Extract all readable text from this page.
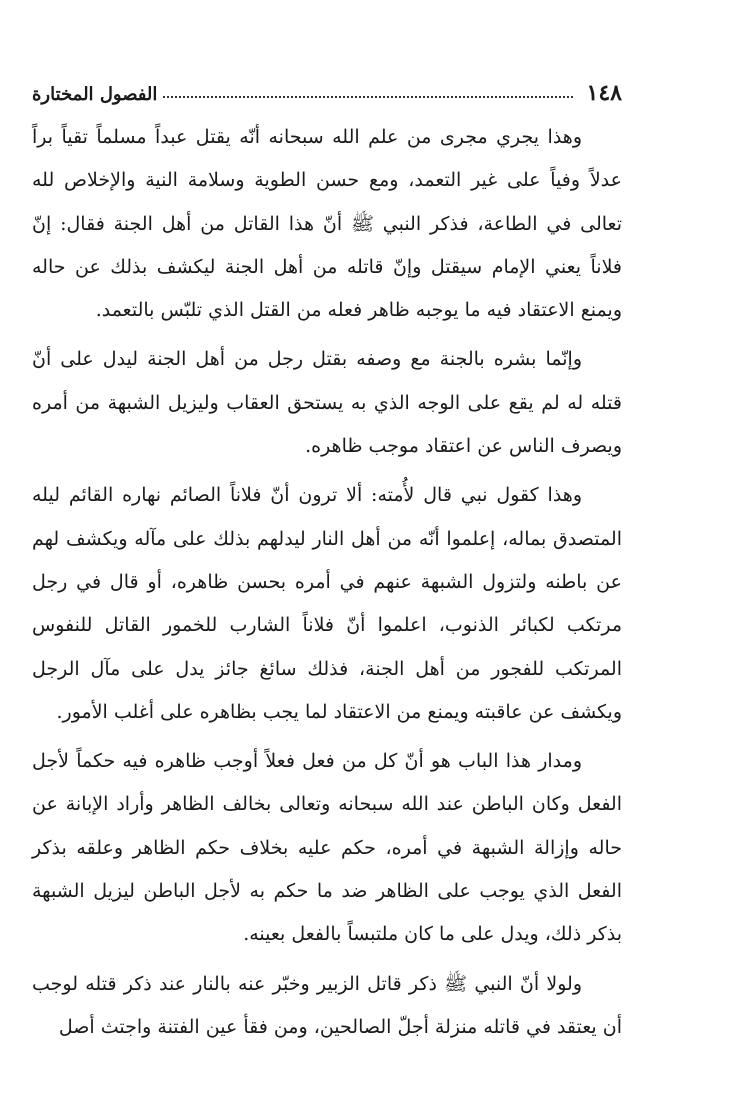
١٤٨
الفصول المختارة

وهذا يجري مجرى من علم الله سبحانه أنّه يقتل عبداً مسلماً تقياً براً عدلاً وفياً على غير التعمد، ومع حسن الطوية وسلامة النية والإخلاص لله تعالى في الطاعة، فذكر النبي ﷺ أنّ هذا القاتل من أهل الجنة فقال: إنّ فلاناً يعني الإمام سيقتل وإنّ قاتله من أهل الجنة ليكشف بذلك عن حاله ويمنع الاعتقاد فيه ما يوجبه ظاهر فعله من القتل الذي تلبّس بالتعمد.

وإنّما بشره بالجنة مع وصفه بقتل رجل من أهل الجنة ليدل على أنّ قتله له لم يقع على الوجه الذي به يستحق العقاب وليزيل الشبهة من أمره ويصرف الناس عن اعتقاد موجب ظاهره.

وهذا كقول نبي قال لأُمته: ألا ترون أنّ فلاناً الصائم نهاره القائم ليله المتصدق بماله، إعلموا أنّه من أهل النار ليدلهم بذلك على مآله ويكشف لهم عن باطنه ولتزول الشبهة عنهم في أمره بحسن ظاهره، أو قال في رجل مرتكب لكبائر الذنوب، اعلموا أنّ فلاناً الشارب للخمور القاتل للنفوس المرتكب للفجور من أهل الجنة، فذلك سائغ جائز يدل على مآل الرجل ويكشف عن عاقبته ويمنع من الاعتقاد لما يجب بظاهره على أغلب الأمور.

ومدار هذا الباب هو أنّ كل من فعل فعلاً أوجب ظاهره فيه حكماً لأجل الفعل وكان الباطن عند الله سبحانه وتعالى بخالف الظاهر وأراد الإبانة عن حاله وإزالة الشبهة في أمره، حكم عليه بخلاف حكم الظاهر وعلقه بذكر الفعل الذي يوجب على الظاهر ضد ما حكم به لأجل الباطن ليزيل الشبهة بذكر ذلك، ويدل على ما كان ملتبساً بالفعل بعينه.

ولولا أنّ النبي ﷺ ذكر قاتل الزبير وخبّر عنه بالنار عند ذكر قتله لوجب أن يعتقد في قاتله منزلة أجلّ الصالحين، ومن فقأ عين الفتنة واجتث أصل
